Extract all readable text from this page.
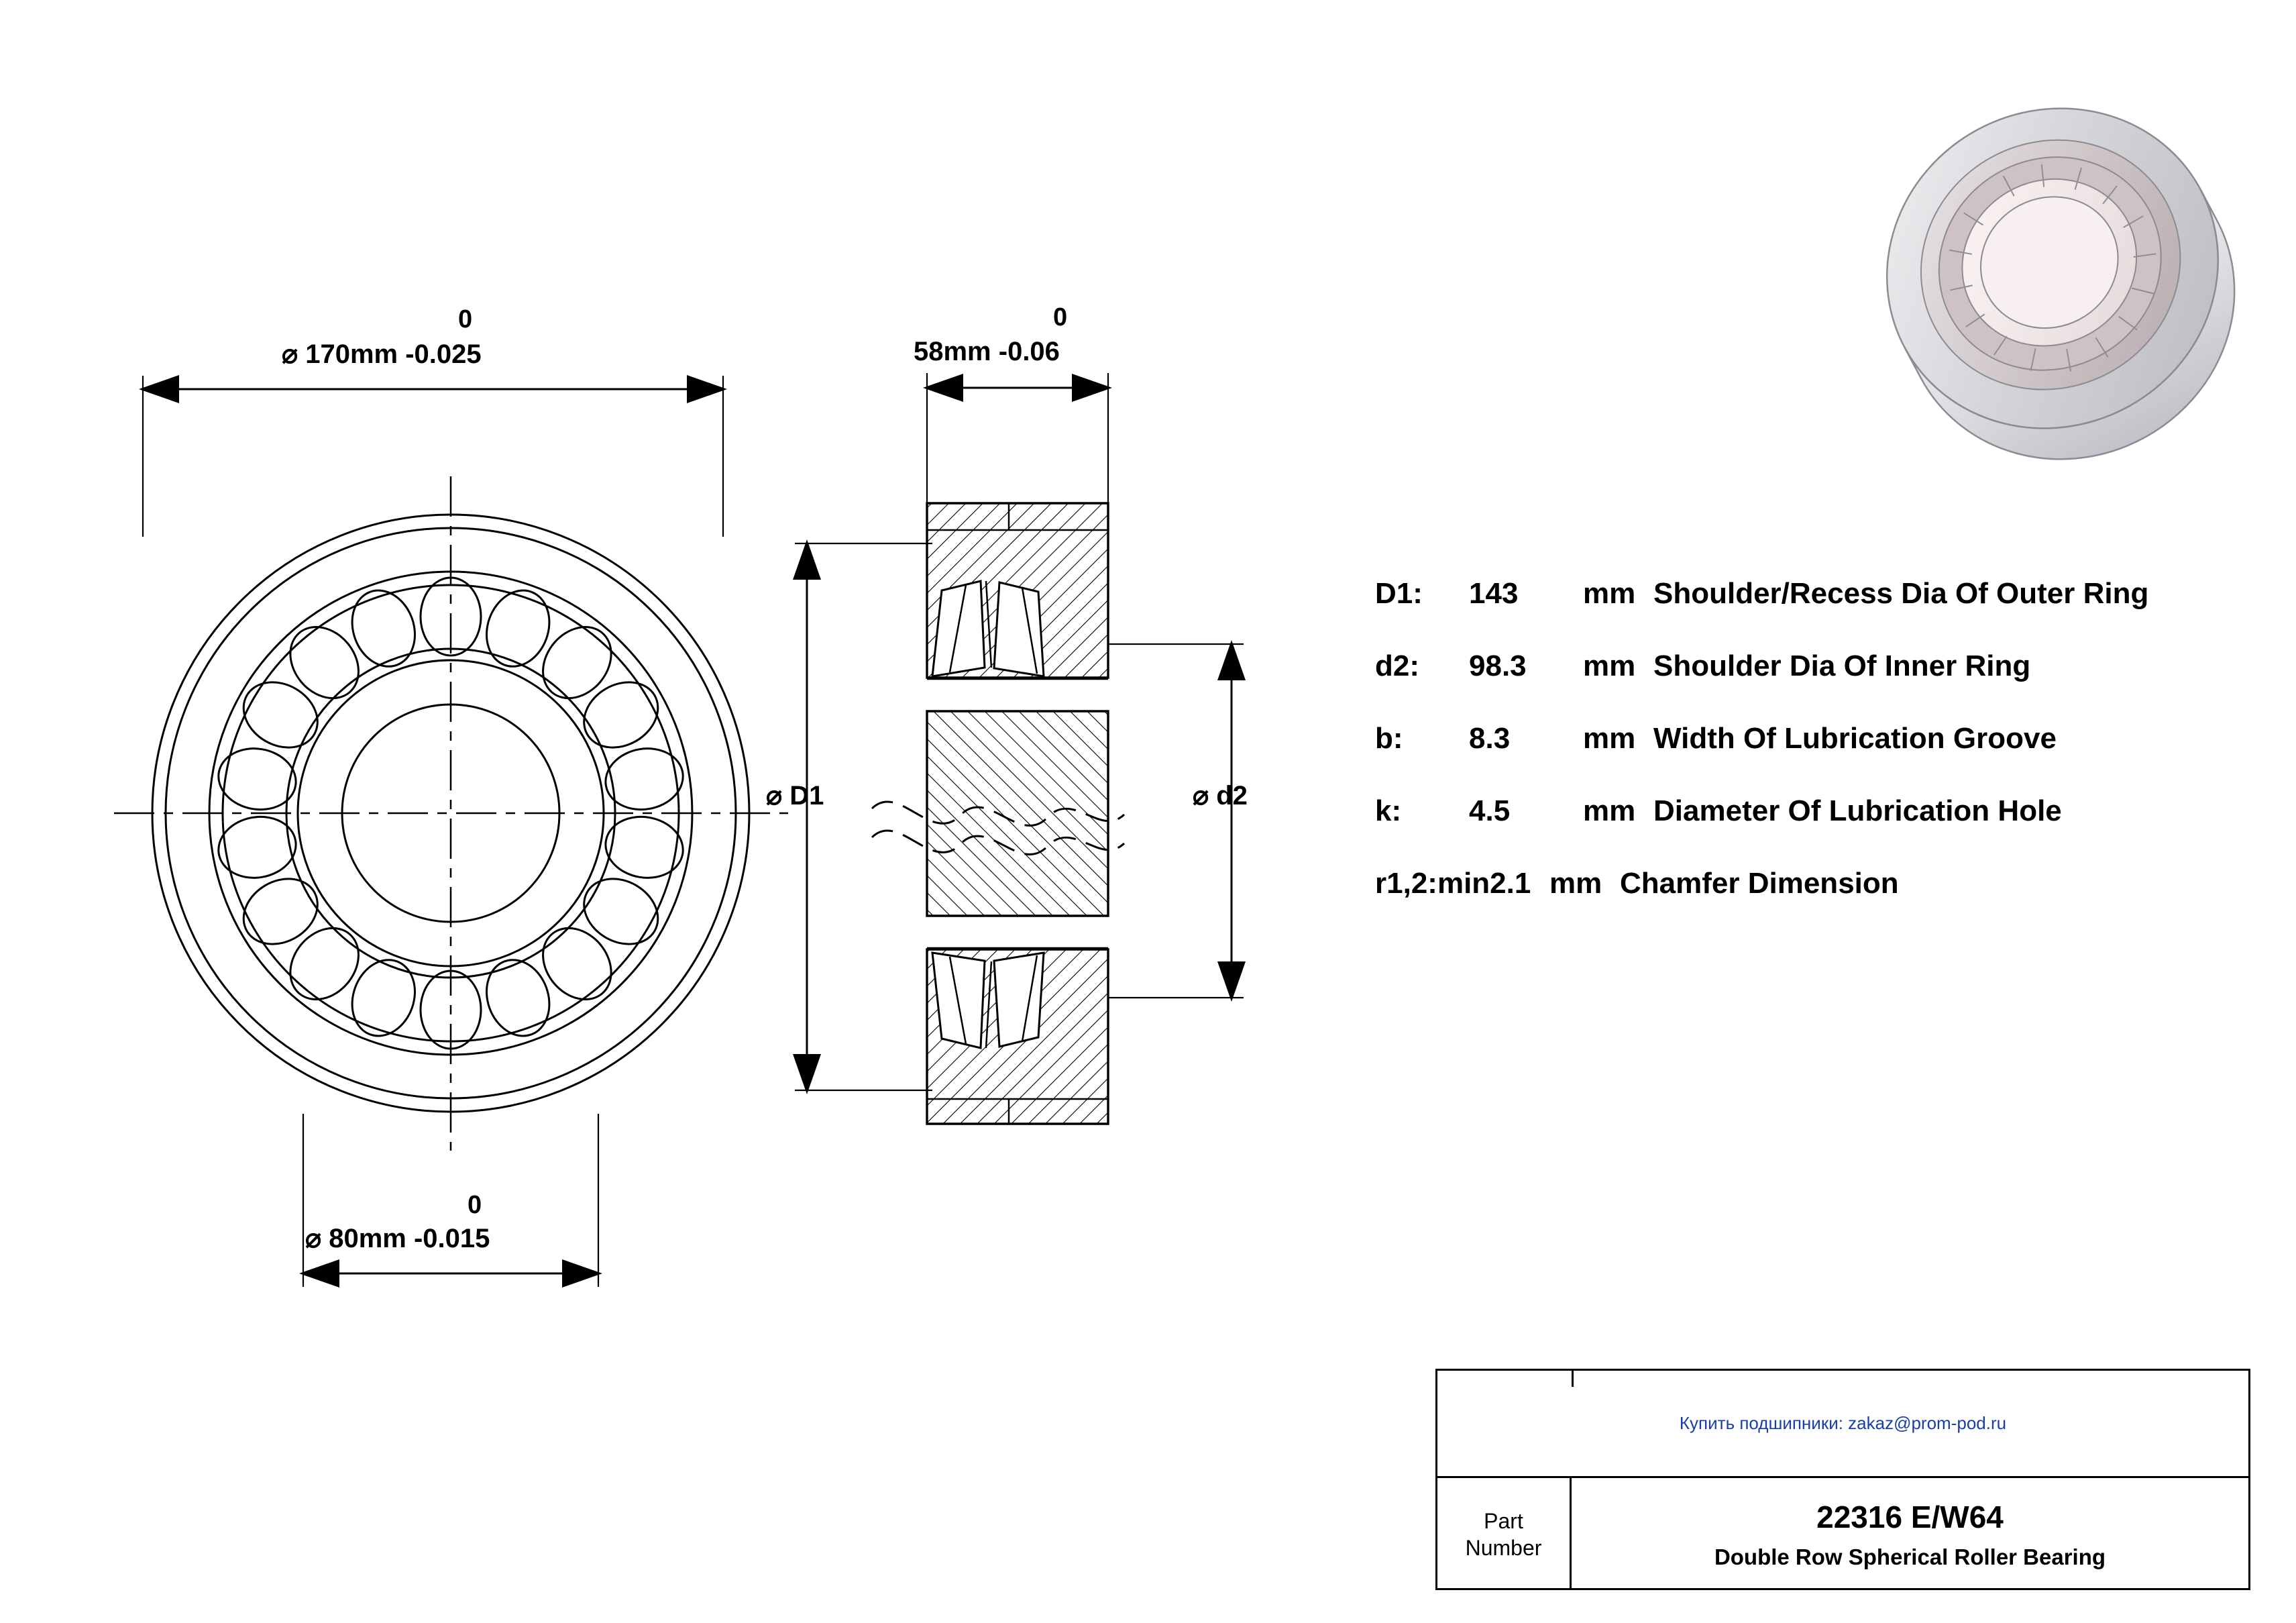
0
⌀ 170mm -0.025
0
⌀ 80mm -0.015
0
58mm -0.06
⌀ D1	⌀ d2
D1:	143	mm Shoulder/Recess Dia Of Outer Ring
d2:	98.3	mm Shoulder Dia Of Inner Ring
b:	8.3	mm Width Of Lubrication Groove
k:	4.5	mm Diameter Of Lubrication Hole
r1,2:min2.1 mm Chamfer Dimension
Купить подшипники: zakaz@prom-pod.ru
Part
Number
22316 E/W64
Double Row Spherical Roller Bearing
